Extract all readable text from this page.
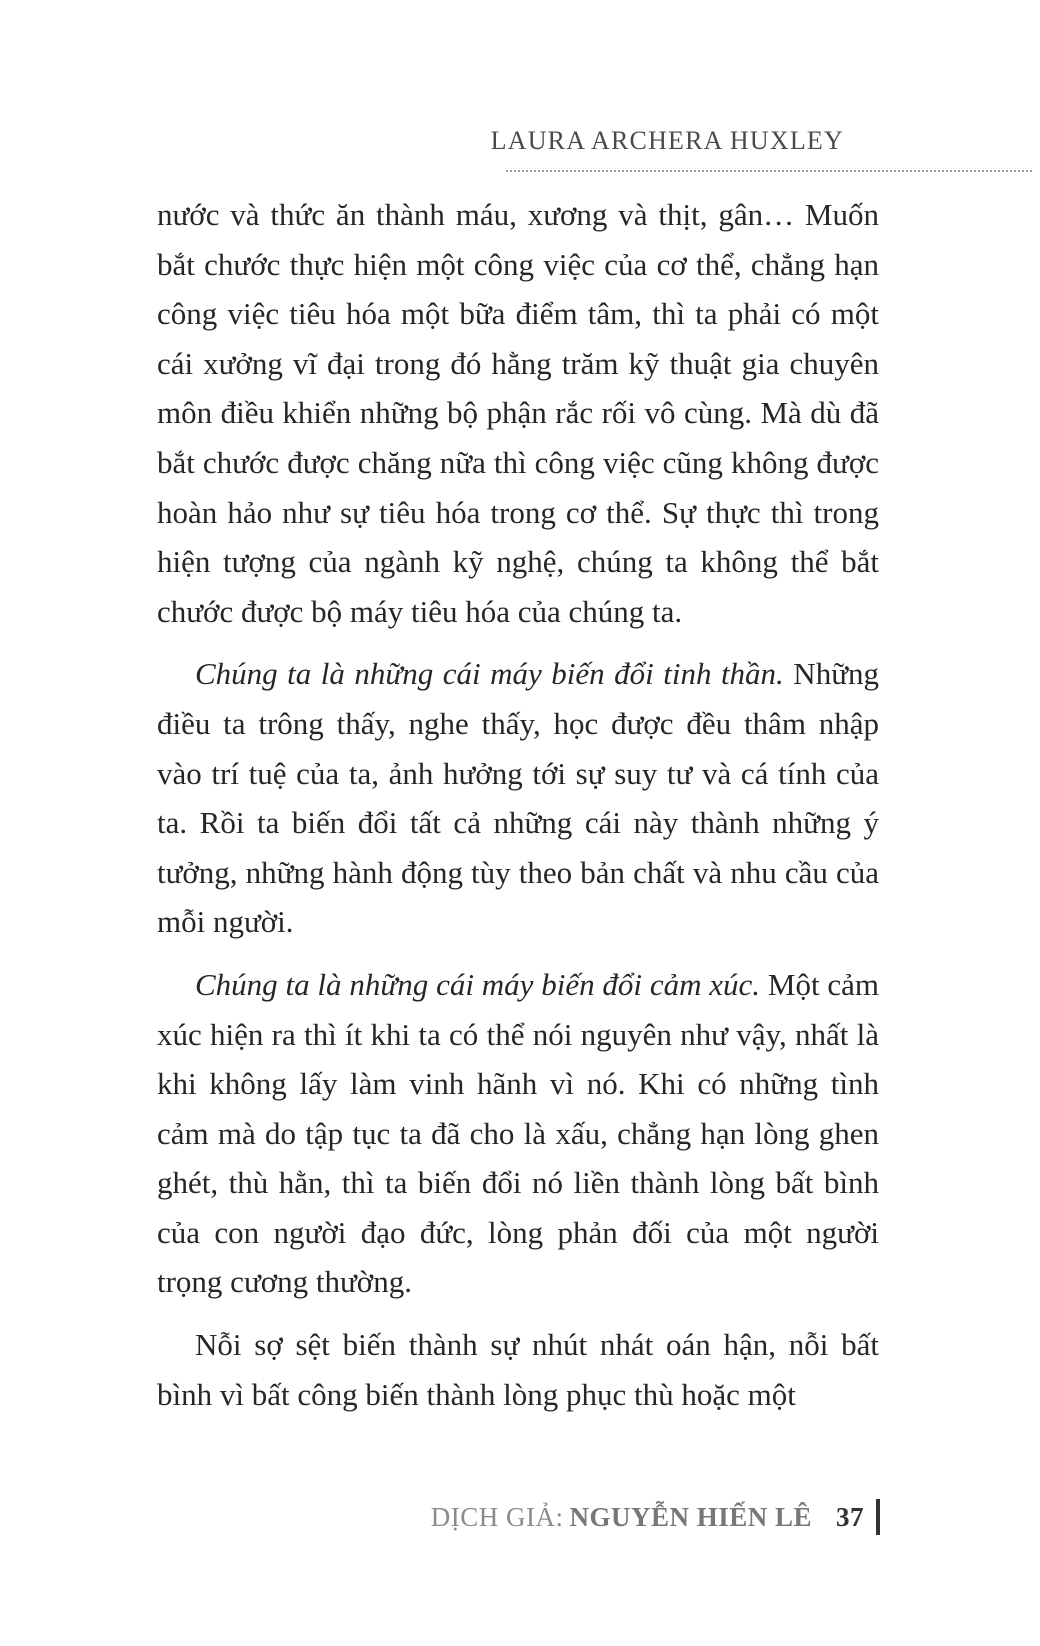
LAURA ARCHERA HUXLEY

nước và thức ăn thành máu, xương và thịt, gân… Muốn bắt chước thực hiện một công việc của cơ thể, chẳng hạn công việc tiêu hóa một bữa điểm tâm, thì ta phải có một cái xưởng vĩ đại trong đó hằng trăm kỹ thuật gia chuyên môn điều khiển những bộ phận rắc rối vô cùng. Mà dù đã bắt chước được chăng nữa thì công việc cũng không được hoàn hảo như sự tiêu hóa trong cơ thể. Sự thực thì trong hiện tượng của ngành kỹ nghệ, chúng ta không thể bắt chước được bộ máy tiêu hóa của chúng ta.

Chúng ta là những cái máy biến đổi tinh thần. Những điều ta trông thấy, nghe thấy, học được đều thâm nhập vào trí tuệ của ta, ảnh hưởng tới sự suy tư và cá tính của ta. Rồi ta biến đổi tất cả những cái này thành những ý tưởng, những hành động tùy theo bản chất và nhu cầu của mỗi người.

Chúng ta là những cái máy biến đổi cảm xúc. Một cảm xúc hiện ra thì ít khi ta có thể nói nguyên như vậy, nhất là khi không lấy làm vinh hãnh vì nó. Khi có những tình cảm mà do tập tục ta đã cho là xấu, chẳng hạn lòng ghen ghét, thù hằn, thì ta biến đổi nó liền thành lòng bất bình của con người đạo đức, lòng phản đối của một người trọng cương thường.

Nỗi sợ sệt biến thành sự nhút nhát oán hận, nỗi bất bình vì bất công biến thành lòng phục thù hoặc một

DỊCH GIẢ: NGUYỄN HIẾN LÊ 37
